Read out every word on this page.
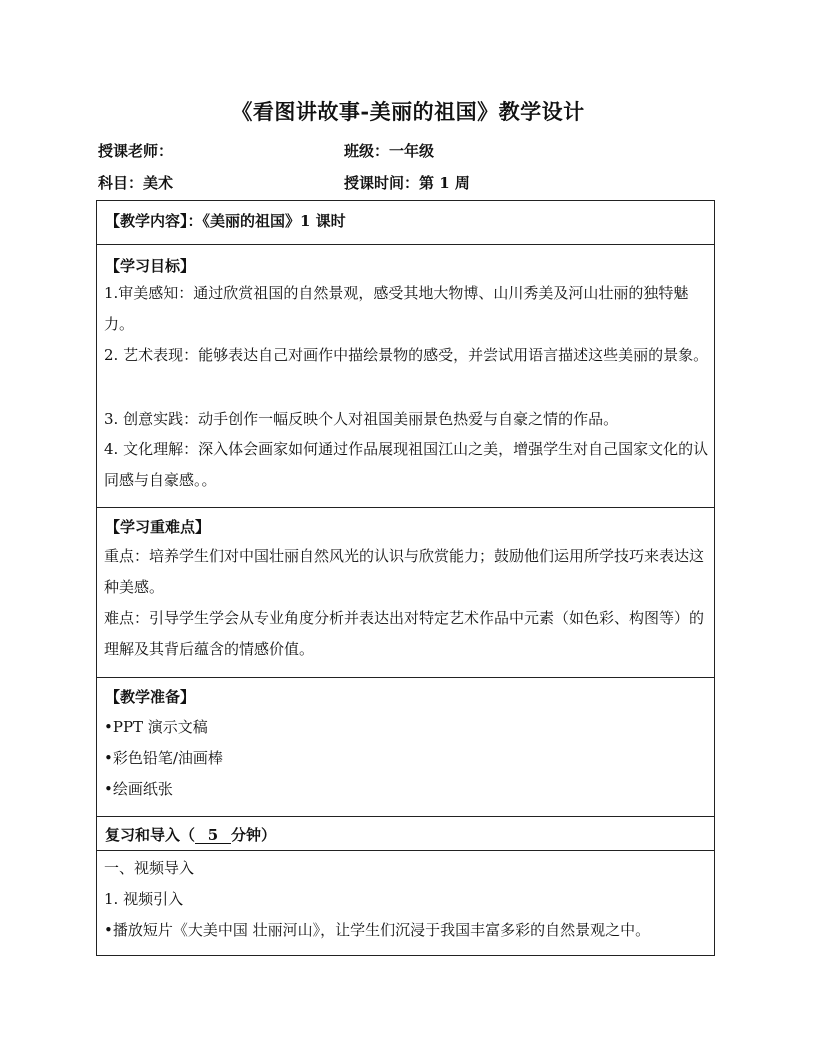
《看图讲故事-美丽的祖国》教学设计
授课老师：	班级：一年级
科目：美术	授课时间：第 1 周
【教学内容】：《美丽的祖国》1 课时
【学习目标】
1.审美感知：通过欣赏祖国的自然景观，感受其地大物博、山川秀美及河山壮丽的独特魅力。
2. 艺术表现：能够表达自己对画作中描绘景物的感受，并尝试用语言描述这些美丽的景象。
3. 创意实践：动手创作一幅反映个人对祖国美丽景色热爱与自豪之情的作品。
4. 文化理解：深入体会画家如何通过作品展现祖国江山之美，增强学生对自己国家文化的认同感与自豪感。。
【学习重难点】
重点：培养学生们对中国壮丽自然风光的认识与欣赏能力；鼓励他们运用所学技巧来表达这种美感。
难点：引导学生学会从专业角度分析并表达出对特定艺术作品中元素（如色彩、构图等）的理解及其背后蕴含的情感价值。
【教学准备】
•PPT 演示文稿
•彩色铅笔/油画棒
•绘画纸张
复习和导入（ 5 分钟）
一、视频导入
1. 视频引入
•播放短片《大美中国 壮丽河山》，让学生们沉浸于我国丰富多彩的自然景观之中。
